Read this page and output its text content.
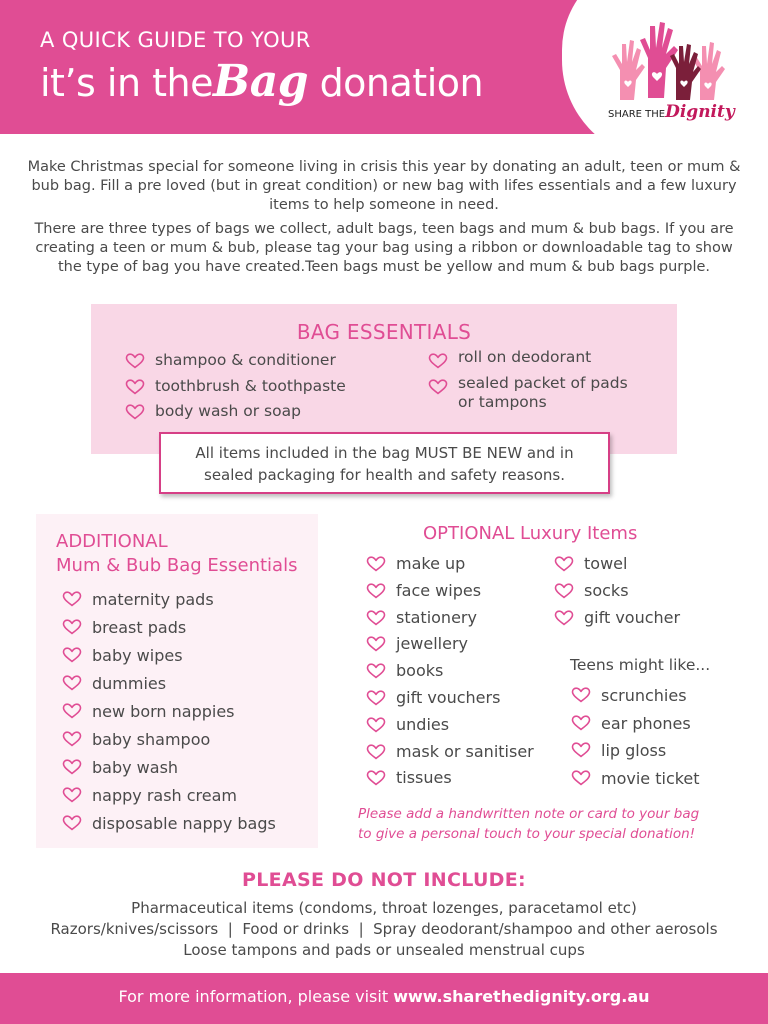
A QUICK GUIDE TO YOUR
it’s in theBag donation
SHARE THEDignity

Make Christmas special for someone living in crisis this year by donating an adult, teen or mum & bub bag. Fill a pre loved (but in great condition) or new bag with lifes essentials and a few luxury items to help someone in need.

There are three types of bags we collect, adult bags, teen bags and mum & bub bags. If you are creating a teen or mum & bub, please tag your bag using a ribbon or downloadable tag to show the type of bag you have created.Teen bags must be yellow and mum & bub bags purple.

BAG ESSENTIALS
shampoo & conditioner
toothbrush & toothpaste
body wash or soap
roll on deodorant
sealed packet of pads or tampons
All items included in the bag MUST BE NEW and in
sealed packaging for health and safety reasons.
ADDITIONAL
Mum & Bub Bag Essentials
maternity pads
breast pads
baby wipes
dummies
new born nappies
baby shampoo
baby wash
nappy rash cream
disposable nappy bags
OPTIONAL Luxury Items
make up
face wipes
stationery
jewellery
books
gift vouchers
undies
mask or sanitiser
tissues
towel
socks
gift voucher
Teens might like...
scrunchies
ear phones
lip gloss
movie ticket
Please add a handwritten note or card to your bag
to give a personal touch to your special donation!
PLEASE DO NOT INCLUDE:
Pharmaceutical items (condoms, throat lozenges, paracetamol etc)
Razors/knives/scissors  |  Food or drinks  |  Spray deodorant/shampoo and other aerosols
Loose tampons and pads or unsealed menstrual cups
For more information, please visit www.sharethedignity.org.au
